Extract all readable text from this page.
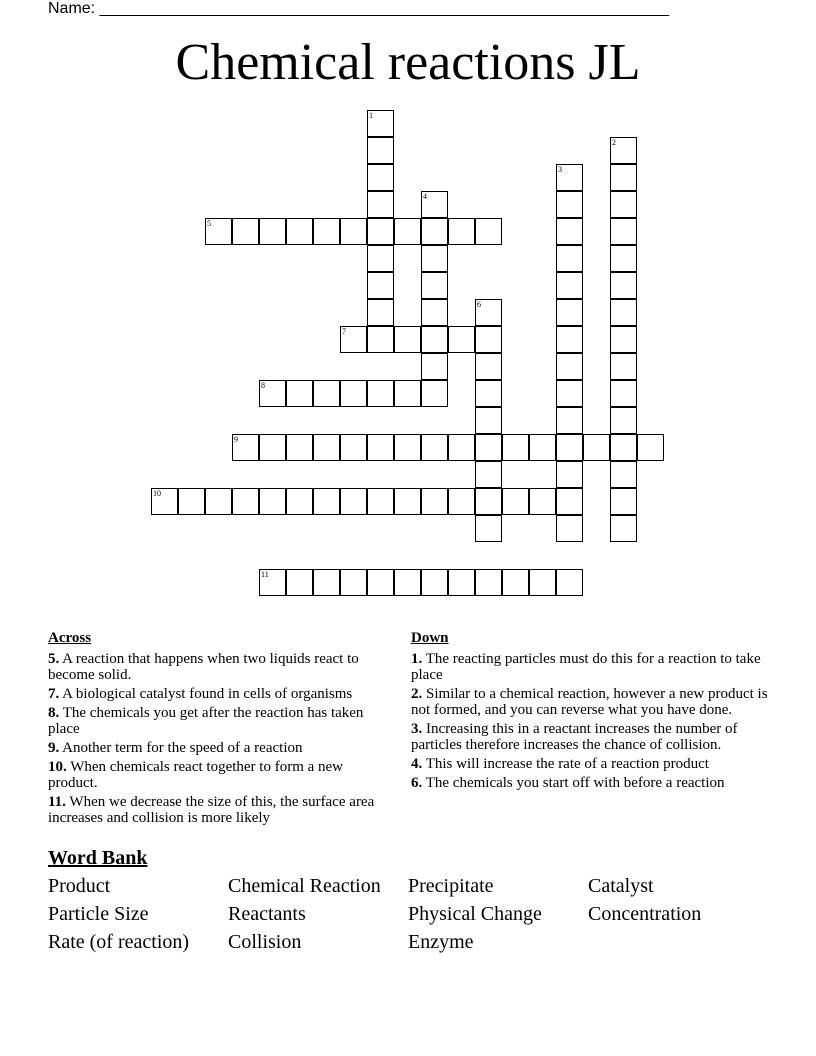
Name: ________________________________________________________________
Chemical reactions JL
1
2
3
4
5
6
7
8
9
10
11
Across
5. A reaction that happens when two liquids react to become solid.
7. A biological catalyst found in cells of organisms
8. The chemicals you get after the reaction has taken place
9. Another term for the speed of a reaction
10. When chemicals react together to form a new product.
11. When we decrease the size of this, the surface area increases and collision is more likely
Down
1. The reacting particles must do this for a reaction to take place
2. Similar to a chemical reaction, however a new product is not formed, and you can reverse what you have done.
3. Increasing this in a reactant increases the number of particles therefore increases the chance of collision.
4. This will increase the rate of a reaction product
6. The chemicals you start off with before a reaction
Word Bank
Product	Chemical Reaction	Precipitate	Catalyst
Particle Size	Reactants	Physical Change	Concentration
Rate (of reaction)	Collision	Enzyme
